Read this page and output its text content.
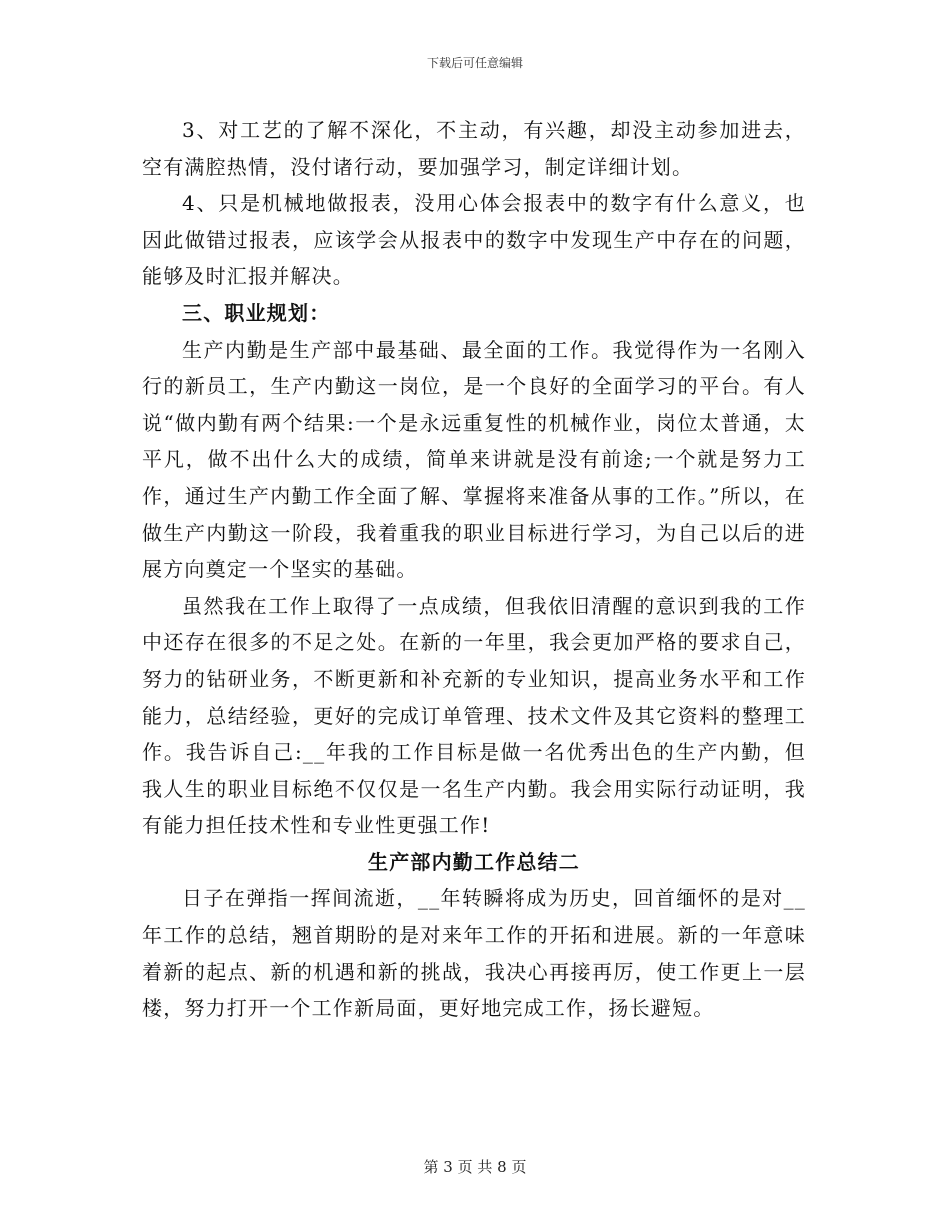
下载后可任意编辑

3、对工艺的了解不深化，不主动，有兴趣，却没主动参加进去，空有满腔热情，没付诸行动，要加强学习，制定详细计划。

4、只是机械地做报表，没用心体会报表中的数字有什么意义，也因此做错过报表，应该学会从报表中的数字中发现生产中存在的问题，能够及时汇报并解决。

三、职业规划：

生产内勤是生产部中最基础、最全面的工作。我觉得作为一名刚入行的新员工，生产内勤这一岗位，是一个良好的全面学习的平台。有人说“做内勤有两个结果:一个是永远重复性的机械作业，岗位太普通，太平凡，做不出什么大的成绩，简单来讲就是没有前途;一个就是努力工作，通过生产内勤工作全面了解、掌握将来准备从事的工作。”所以，在做生产内勤这一阶段，我着重我的职业目标进行学习，为自己以后的进展方向奠定一个坚实的基础。

虽然我在工作上取得了一点成绩，但我依旧清醒的意识到我的工作中还存在很多的不足之处。在新的一年里，我会更加严格的要求自己，努力的钻研业务，不断更新和补充新的专业知识，提高业务水平和工作能力，总结经验，更好的完成订单管理、技术文件及其它资料的整理工作。我告诉自己:__年我的工作目标是做一名优秀出色的生产内勤，但我人生的职业目标绝不仅仅是一名生产内勤。我会用实际行动证明，我有能力担任技术性和专业性更强工作!

生产部内勤工作总结二

日子在弹指一挥间流逝，__年转瞬将成为历史，回首缅怀的是对__年工作的总结，翘首期盼的是对来年工作的开拓和进展。新的一年意味着新的起点、新的机遇和新的挑战，我决心再接再厉，使工作更上一层楼，努力打开一个工作新局面，更好地完成工作，扬长避短。

第 3 页 共 8 页
